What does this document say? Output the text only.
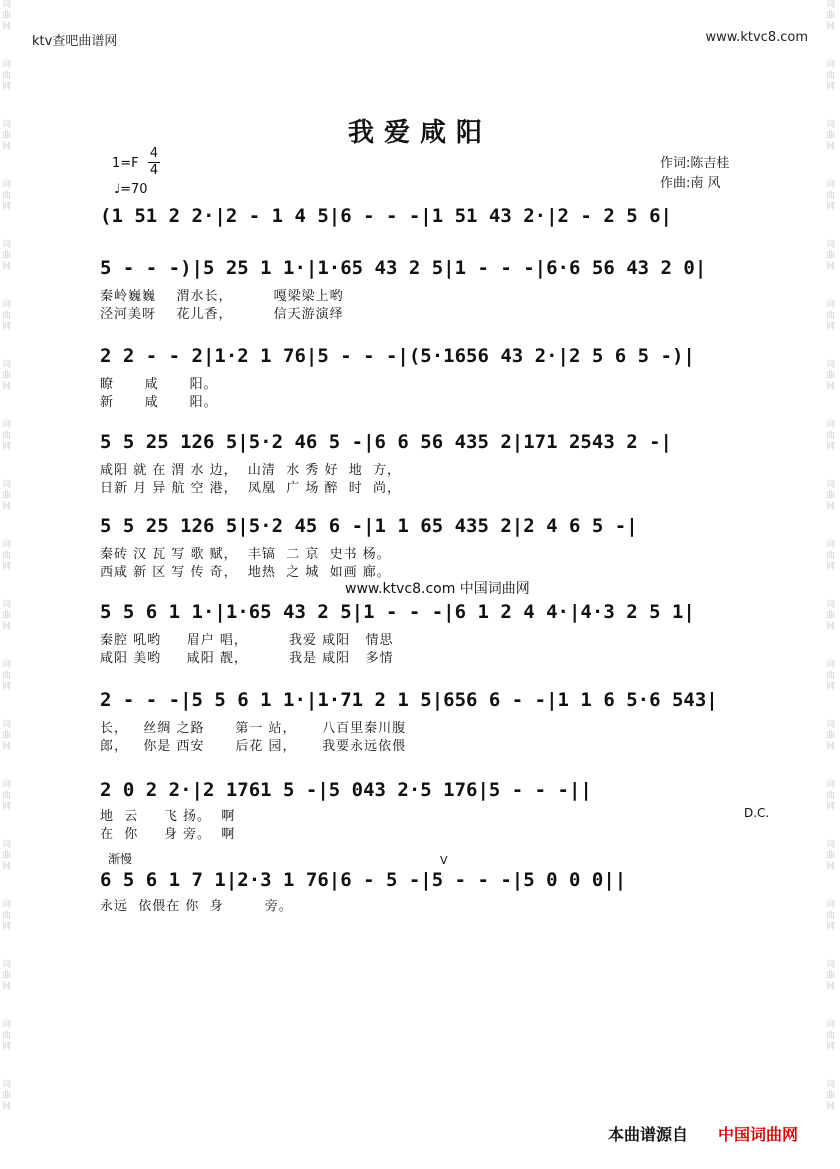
词曲网
词曲网
词曲网
词曲网
词曲网
词曲网
词曲网
词曲网
词曲网
词曲网
词曲网
词曲网
词曲网
词曲网
词曲网
词曲网
词曲网
词曲网
词曲网
词曲网
词曲网
词曲网
词曲网
词曲网
词曲网
词曲网
词曲网
词曲网
词曲网
词曲网
词曲网
词曲网
词曲网
词曲网
词曲网
词曲网
词曲网
词曲网
ktv查吧曲谱网	www.ktvc8.com
我爱咸阳
1=F
4
4
♩=70
作词:陈吉桂
作曲:南 风
(1 51 2 2·|2 - 1 4 5|6 - - -|1 51 43 2·|2 - 2 5 6|
5 - - -)|5 25 1 1·|1·65 43 2 5|1 - - -|6·6 56 43 2 0|
秦岭巍巍    渭水长，        嘎梁梁上哟
泾河美呀    花儿香，        信天游演绎
2 2 - - 2|1·2 1 76|5 - - -|(5·1656 43 2·|2 5 6 5 -)|
瞭      咸      阳。
新      咸      阳。
5 5 25 126 5|5·2 46 5 -|6 6 56 435 2|171 2543 2 -|
咸阳 就 在 渭 水 边，  山清  水 秀 好  地  方，
日新 月 异 航 空 港，  凤凰  广 场 醉  时  尚，
5 5 25 126 5|5·2 45 6 -|1 1 65 435 2|2 4 6 5 -|
秦砖 汉 瓦 写 歌 赋，  丰镐  二 京  史书 杨。
西咸 新 区 写 传 奇，  地热  之 城  如画 廊。
www.ktvc8.com 中国词曲网
5 5 6 1 1·|1·65 43 2 5|1 - - -|6 1 2 4 4·|4·3 2 5 1|
秦腔 吼哟     眉户 唱，        我爱 咸阳   情思
咸阳 美哟     咸阳 靓，        我是 咸阳   多情
2 - - -|5 5 6 1 1·|1·71 2 1 5|656 6 - -|1 1 6 5·6 543|
长，   丝绸 之路      第一 站，     八百里秦川腹
郎，   你是 西安      后花 园，     我要永远依偎
2 0 2 2·|2 1761 5 -|5 043 2·5 176|5 - - -||
地  云     飞 扬。  啊
在  你     身 旁。  啊
D.C.
渐慢	V
6 5 6 1 7 1|2·3 1 76|6 - 5 -|5 - - -|5 0 0 0||
永远  依偎在 你  身        旁。
本曲谱源自 中国词曲网
